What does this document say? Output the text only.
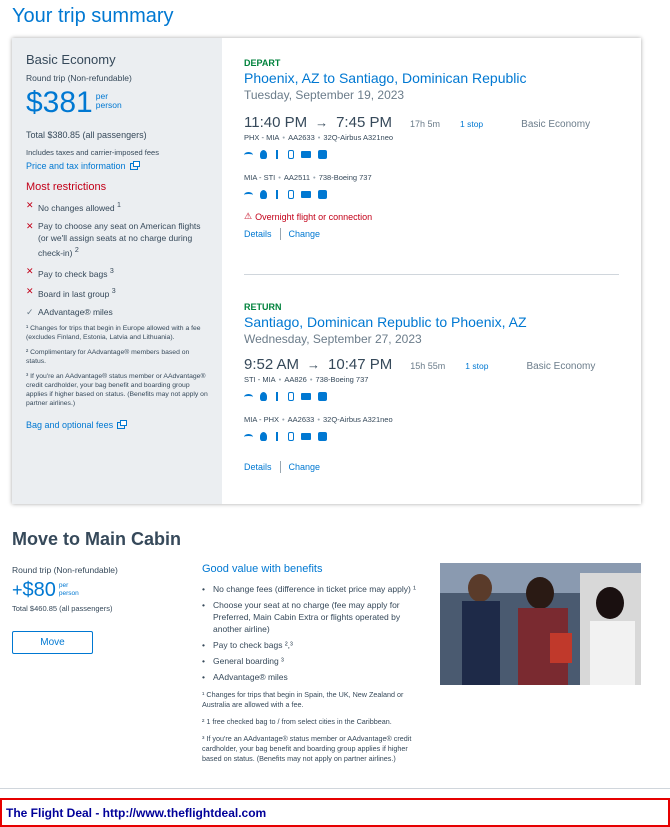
Your trip summary
Basic Economy
Round trip (Non-refundable)
$381 per person
Total $380.85 (all passengers)
Includes taxes and carrier-imposed fees
Price and tax information
Most restrictions
✕ No changes allowed $^1$
✕ Pay to choose any seat on American flights (or we'll assign seats at no charge during check-in) $^2$
✕ Pay to check bags $^3$
✕ Board in last group $^3$
✓ AAdvantage® miles

¹ Changes for trips that begin in Europe allowed with a fee (excludes Finland, Estonia, Latvia and Lithuania).

² Complimentary for AAdvantage® members based on status.

³ If you're an AAdvantage® status member or AAdvantage® credit cardholder, your bag benefit and boarding group applies if higher based on status. (Benefits may not apply on partner airlines.)

Bag and optional fees
DEPART
Phoenix, AZ to Santiago, Dominican Republic
Tuesday, September 19, 2023
11:40 PM → 7:45 PM 17h 5m 1 stop	Basic Economy
PHX - MIA • AA2633 • 32Q-Airbus A321neo
MIA - STI • AA2511 • 738-Boeing 737
⚠ Overnight flight or connection
Details Change
RETURN
Santiago, Dominican Republic to Phoenix, AZ
Wednesday, September 27, 2023
9:52 AM → 10:47 PM 15h 55m 1 stop	Basic Economy
STI - MIA • AA826 • 738-Boeing 737
MIA - PHX • AA2633 • 32Q-Airbus A321neo
Details Change
Move to Main Cabin
Round trip (Non-refundable)
+ $80 per person
Total $460.85 (all passengers)
Move
Good value with benefits
• No change fees (difference in ticket price may apply) ¹
• Choose your seat at no charge (fee may apply for Preferred, Main Cabin Extra or flights operated by another airline)
• Pay to check bags ²,³
• General boarding ³
• AAdvantage® miles

¹ Changes for trips that begin in Spain, the UK, New Zealand or Australia are allowed with a fee.

² 1 free checked bag to / from select cities in the Caribbean.

³ If you're an AAdvantage® status member or AAdvantage® credit cardholder, your bag benefit and boarding group applies if higher based on status. (Benefits may not apply on partner airlines.)

The Flight Deal - http://www.theflightdeal.com
